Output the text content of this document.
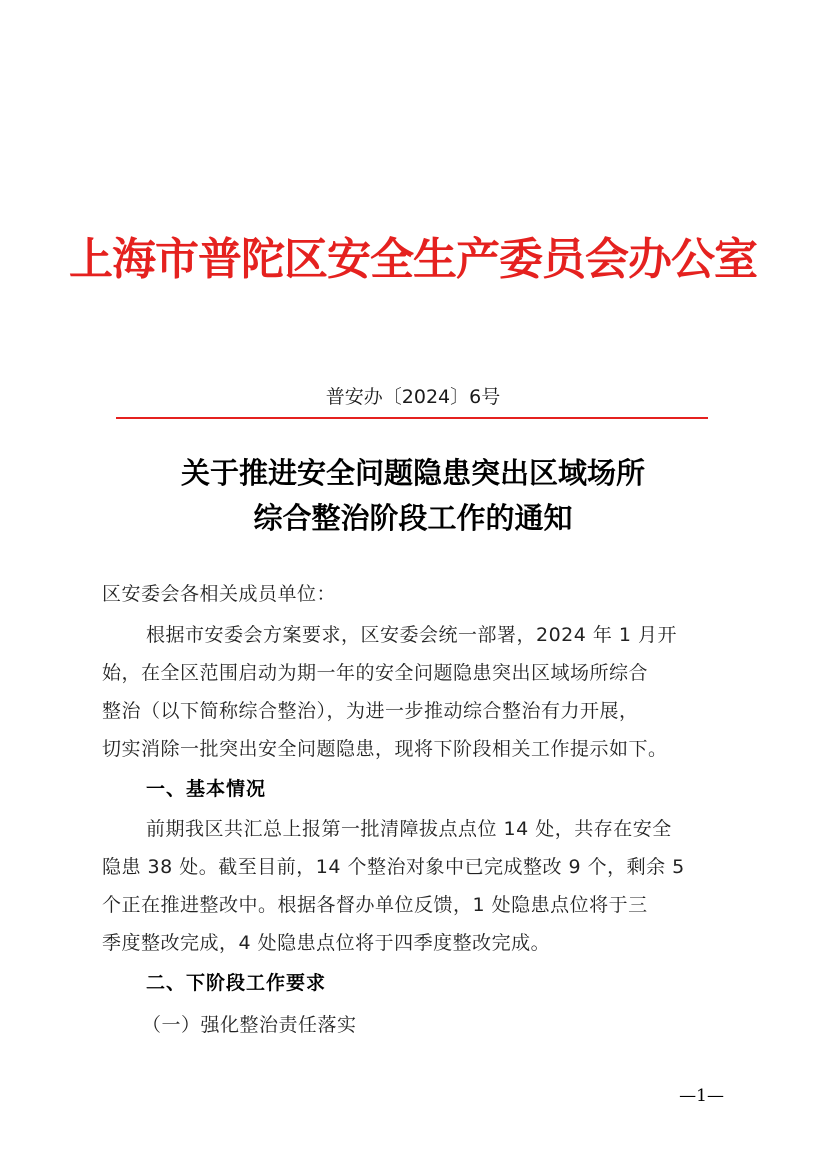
上海市普陀区安全生产委员会办公室
普安办〔2024〕6号
关于推进安全问题隐患突出区域场所
综合整治阶段工作的通知
区安委会各相关成员单位：
根据市安委会方案要求，区安委会统一部署，2024 年 1 月开
始，在全区范围启动为期一年的安全问题隐患突出区域场所综合
整治（以下简称综合整治），为进一步推动综合整治有力开展，
切实消除一批突出安全问题隐患，现将下阶段相关工作提示如下。
一、基本情况
前期我区共汇总上报第一批清障拔点点位 14 处，共存在安全
隐患 38 处。截至目前，14 个整治对象中已完成整改 9 个，剩余 5
个正在推进整改中。根据各督办单位反馈，1 处隐患点位将于三
季度整改完成，4 处隐患点位将于四季度整改完成。
二、下阶段工作要求
（一）强化整治责任落实
—1—
